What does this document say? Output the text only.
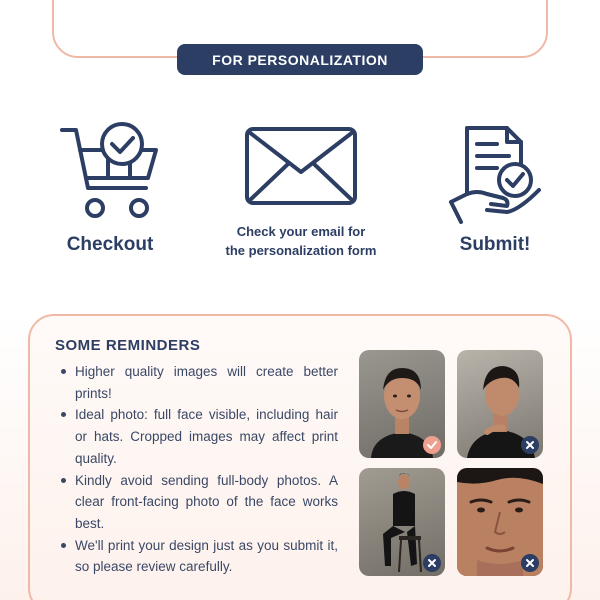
FOR PERSONALIZATION
Checkout
Check your email for
the personalization form	Submit!
SOME REMINDERS
Higher quality images will create better prints!
Ideal photo: full face visible, including hair or hats. Cropped images may affect print quality.
Kindly avoid sending full-body photos. A clear front-facing photo of the face works best.
We'll print your design just as you submit it, so please review carefully.
